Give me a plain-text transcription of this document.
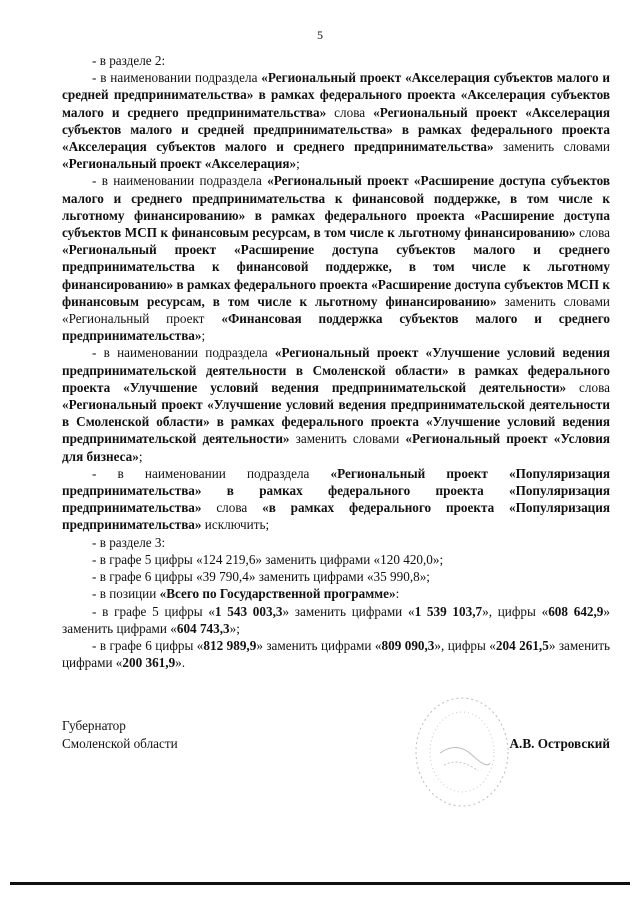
5

- в разделе 2:

- в наименовании подраздела «Региональный проект «Акселерация субъектов малого и средней предпринимательства» в рамках федерального проекта «Акселерация субъектов малого и среднего предпринимательства» слова «Региональный проект «Акселерация субъектов малого и средней предпринимательства» в рамках федерального проекта «Акселерация субъектов малого и среднего предпринимательства» заменить словами «Региональный проект «Акселерация»;

- в наименовании подраздела «Региональный проект «Расширение доступа субъектов малого и среднего предпринимательства к финансовой поддержке, в том числе к льготному финансированию» в рамках федерального проекта «Расширение доступа субъектов МСП к финансовым ресурсам, в том числе к льготному финансированию» слова «Региональный проект «Расширение доступа субъектов малого и среднего предпринимательства к финансовой поддержке, в том числе к льготному финансированию» в рамках федерального проекта «Расширение доступа субъектов МСП к финансовым ресурсам, в том числе к льготному финансированию» заменить словами «Региональный проект «Финансовая поддержка субъектов малого и среднего предпринимательства»;

- в наименовании подраздела «Региональный проект «Улучшение условий ведения предпринимательской деятельности в Смоленской области» в рамках федерального проекта «Улучшение условий ведения предпринимательской деятельности» слова «Региональный проект «Улучшение условий ведения предпринимательской деятельности в Смоленской области» в рамках федерального проекта «Улучшение условий ведения предпринимательской деятельности» заменить словами «Региональный проект «Условия для бизнеса»;

- в наименовании подраздела «Региональный проект «Популяризация предпринимательства» в рамках федерального проекта «Популяризация предпринимательства» слова «в рамках федерального проекта «Популяризация предпринимательства» исключить;

- в разделе 3:

- в графе 5 цифры «124 219,6» заменить цифрами «120 420,0»;

- в графе 6 цифры «39 790,4» заменить цифрами «35 990,8»;

- в позиции «Всего по Государственной программе»:

- в графе 5 цифры «1 543 003,3» заменить цифрами «1 539 103,7», цифры «608 642,9» заменить цифрами «604 743,3»;

- в графе 6 цифры «812 989,9» заменить цифрами «809 090,3», цифры «204 261,5» заменить цифрами «200 361,9».

Губернатор
Смоленской области	А.В. Островский
